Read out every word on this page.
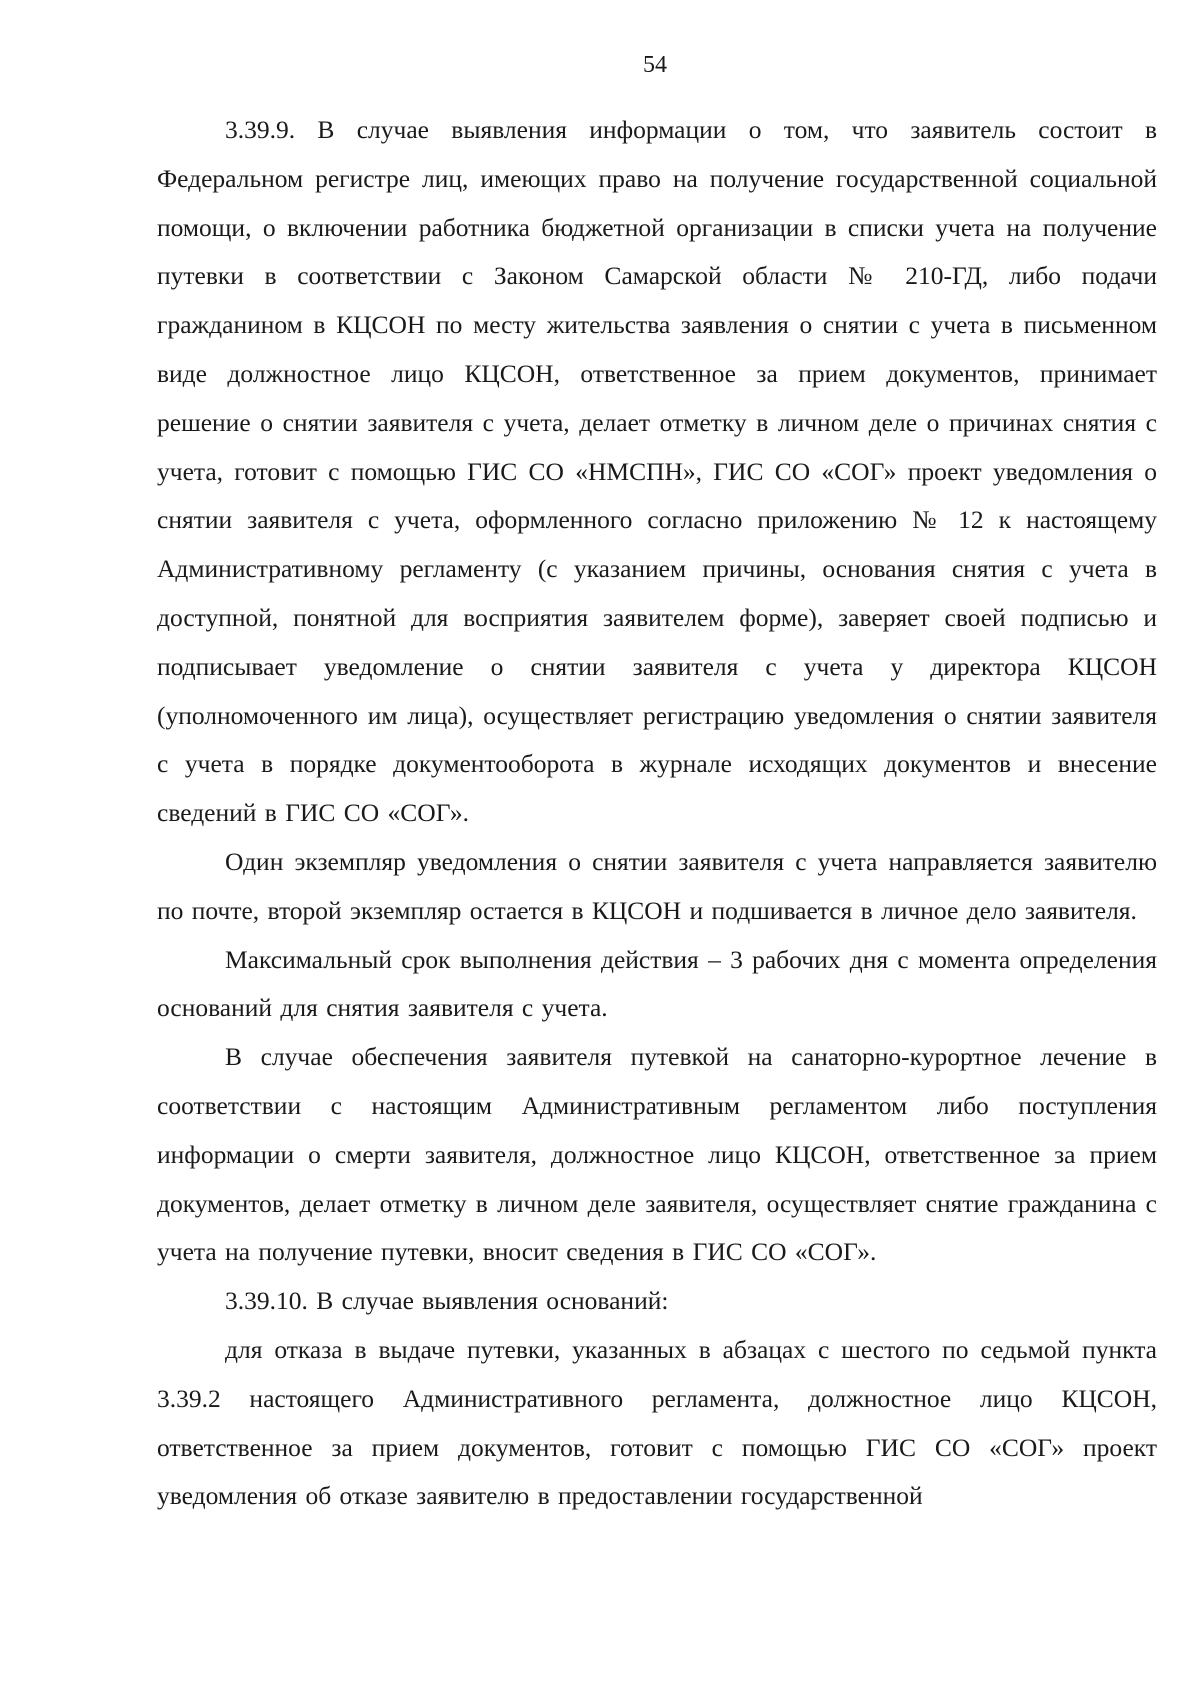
54

3.39.9. В случае выявления информации о том, что заявитель состоит в Федеральном регистре лиц, имеющих право на получение государственной социальной помощи, о включении работника бюджетной организации в списки учета на получение путевки в соответствии с Законом Самарской области № 210-ГД, либо подачи гражданином в КЦСОН по месту жительства заявления о снятии с учета в письменном виде должностное лицо КЦСОН, ответственное за прием документов, принимает решение о снятии заявителя с учета, делает отметку в личном деле о причинах снятия с учета, готовит с помощью ГИС СО «НМСПН», ГИС СО «СОГ» проект уведомления о снятии заявителя с учета, оформленного согласно приложению № 12 к настоящему Административному регламенту (с указанием причины, основания снятия с учета в доступной, понятной для восприятия заявителем форме), заверяет своей подписью и подписывает уведомление о снятии заявителя с учета у директора КЦСОН (уполномоченного им лица), осуществляет регистрацию уведомления о снятии заявителя с учета в порядке документооборота в журнале исходящих документов и внесение сведений в ГИС СО «СОГ».

Один экземпляр уведомления о снятии заявителя с учета направляется заявителю по почте, второй экземпляр остается в КЦСОН и подшивается в личное дело заявителя.

Максимальный срок выполнения действия – 3 рабочих дня с момента определения оснований для снятия заявителя с учета.

В случае обеспечения заявителя путевкой на санаторно-курортное лечение в соответствии с настоящим Административным регламентом либо поступления информации о смерти заявителя, должностное лицо КЦСОН, ответственное за прием документов, делает отметку в личном деле заявителя, осуществляет снятие гражданина с учета на получение путевки, вносит сведения в ГИС СО «СОГ».

3.39.10. В случае выявления оснований:

для отказа в выдаче путевки, указанных в абзацах с шестого по седьмой пункта 3.39.2 настоящего Административного регламента, должностное лицо КЦСОН, ответственное за прием документов, готовит с помощью ГИС СО «СОГ» проект уведомления об отказе заявителю в предоставлении государственной
